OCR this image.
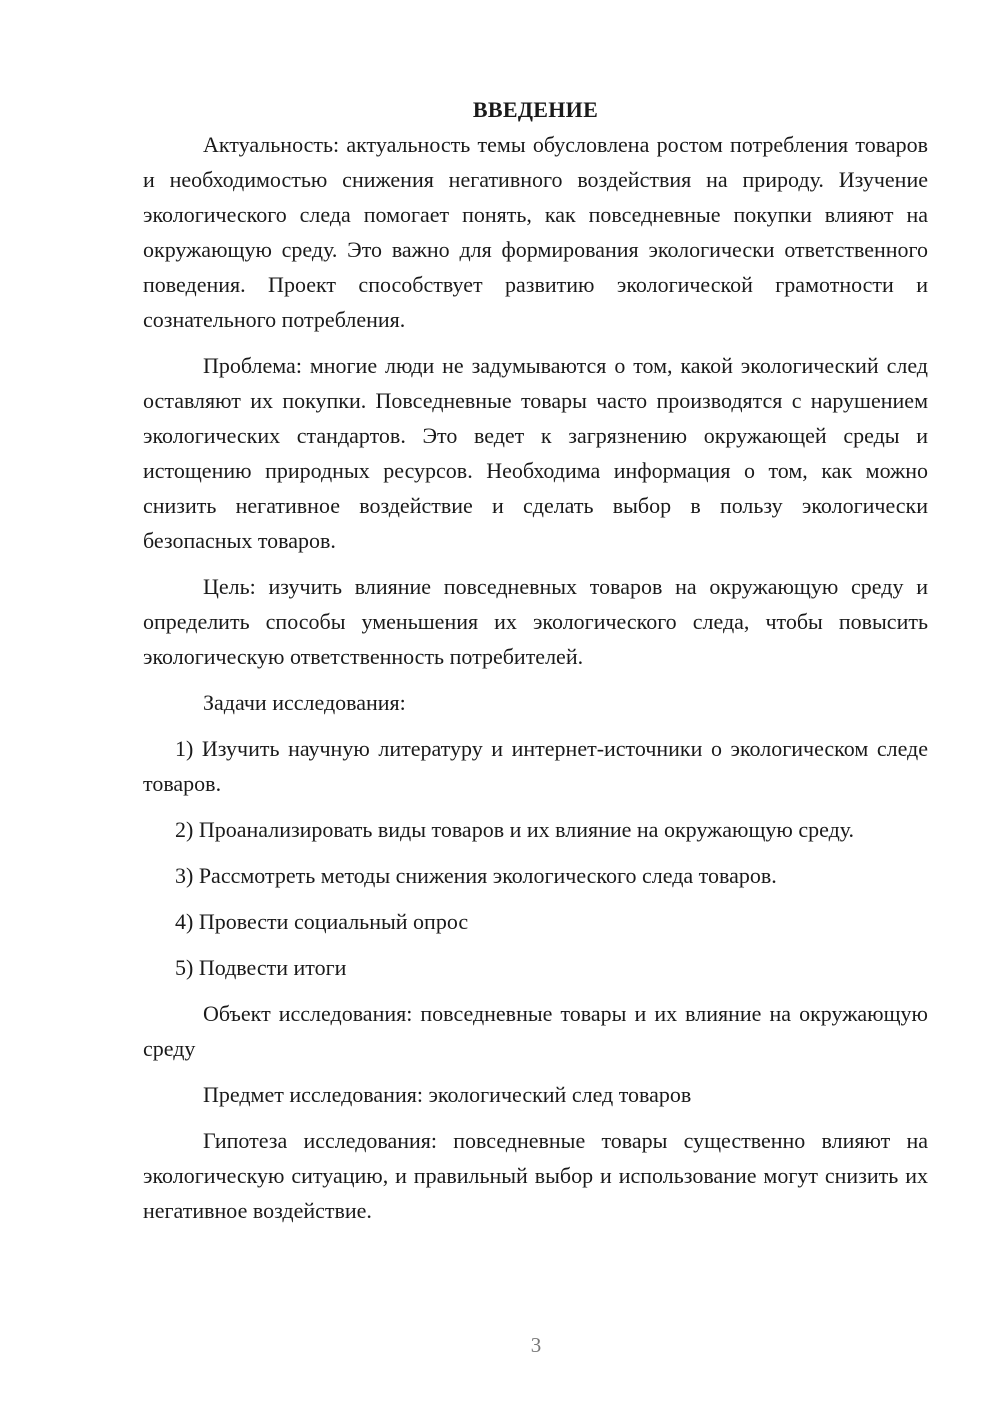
ВВЕДЕНИЕ

Актуальность: актуальность темы обусловлена ростом потребления товаров и необходимостью снижения негативного воздействия на природу. Изучение экологического следа помогает понять, как повседневные покупки влияют на окружающую среду. Это важно для формирования экологически ответственного поведения. Проект способствует развитию экологической грамотности и сознательного потребления.

Проблема: многие люди не задумываются о том, какой экологический след оставляют их покупки. Повседневные товары часто производятся с нарушением экологических стандартов. Это ведет к загрязнению окружающей среды и истощению природных ресурсов. Необходима информация о том, как можно снизить негативное воздействие и сделать выбор в пользу экологически безопасных товаров.

Цель: изучить влияние повседневных товаров на окружающую среду и определить способы уменьшения их экологического следа, чтобы повысить экологическую ответственность потребителей.

Задачи исследования:

1) Изучить научную литературу и интернет-источники о экологическом следе товаров.

2) Проанализировать виды товаров и их влияние на окружающую среду.

3) Рассмотреть методы снижения экологического следа товаров.

4) Провести социальный опрос

5) Подвести итоги

Объект исследования: повседневные товары и их влияние на окружающую среду

Предмет исследования: экологический след товаров

Гипотеза исследования: повседневные товары существенно влияют на экологическую ситуацию, и правильный выбор и использование могут снизить их негативное воздействие.

3
